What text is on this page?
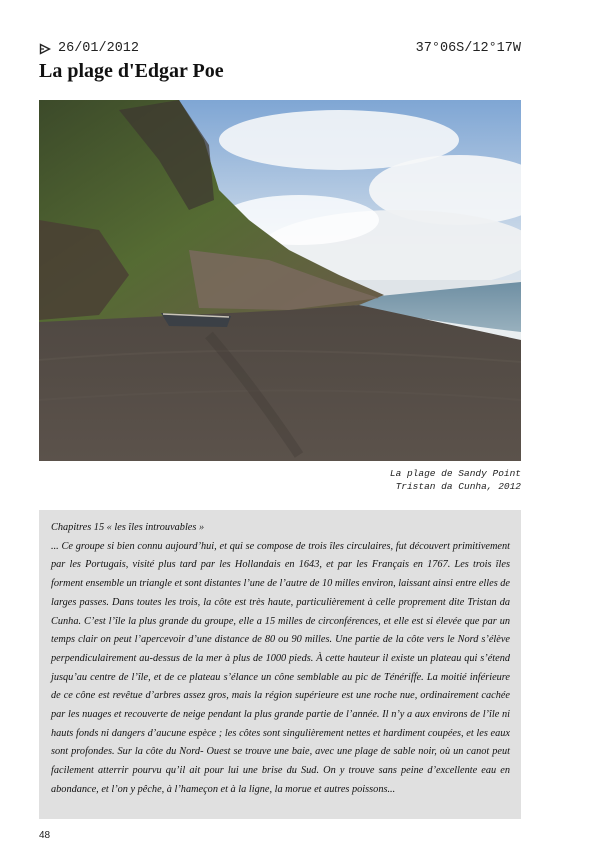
26/01/2012	37°06S/12°17W
La plage d'Edgar Poe
La plage de Sandy Point
Tristan da Cunha, 2012

Chapitres 15 « les îles introuvables »

... Ce groupe si bien connu aujourd’hui, et qui se compose de trois îles circulaires, fut découvert primitivement par les Portugais, visité plus tard par les Hollandais en 1643, et par les Français en 1767. Les trois îles forment ensemble un triangle et sont distantes l’une de l’autre de 10 milles environ, laissant ainsi entre elles de larges passes. Dans toutes les trois, la côte est très haute, particulièrement à celle proprement dite Tristan da Cunha. C’est l’île la plus grande du groupe, elle a 15 milles de circonférences, et elle est si élevée que par un temps clair on peut l’apercevoir d’une distance de 80 ou 90 milles. Une partie de la côte vers le Nord s’élève perpendiculairement au-dessus de la mer à plus de 1000 pieds. À cette hauteur il existe un plateau qui s’étend jusqu’au centre de l’île, et de ce plateau s’élance un cône semblable au pic de Ténériffe. La moitié inférieure de ce cône est revêtue d’arbres assez gros, mais la région supérieure est une roche nue, ordinairement cachée par les nuages et recouverte de neige pendant la plus grande partie de l’année. Il n’y a aux environs de l’île ni hauts fonds ni dangers d’aucune espèce ; les côtes sont singulièrement nettes et hardiment coupées, et les eaux sont profondes. Sur la côte du Nord- Ouest se trouve une baie, avec une plage de sable noir, où un canot peut facilement atterrir pourvu qu’il ait pour lui une brise du Sud. On y trouve sans peine d’excellente eau en abondance, et l’on y pêche, à l’hameçon et à la ligne, la morue et autres poissons...

48
